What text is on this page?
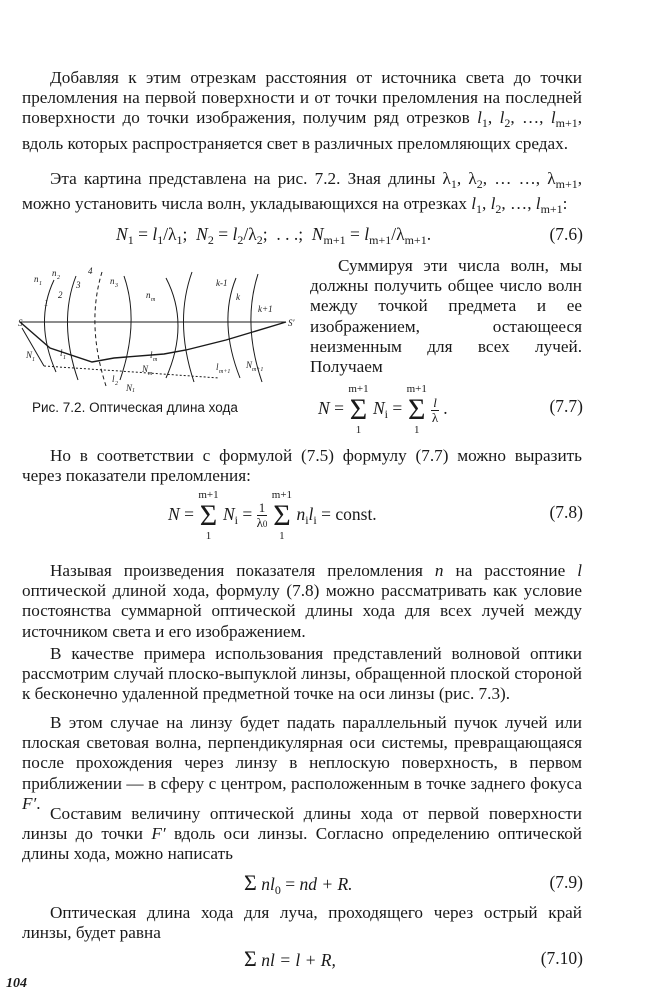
Добавляя к этим отрезкам расстояния от источника света до точки преломления на первой поверхности и от точки преломления на последней поверхности до точки изображения, получим ряд отрезков $l_1$, $l_2$, …, $l_{m+1}$, вдоль которых распространяется свет в различных преломляющих средах.
Эта картина представлена на рис. 7.2. Зная длины $\lambda_1$, $\lambda_2$, … …, $\lambda_{m+1}$, можно установить числа волн, укладывающихся на отрезках $l_1$, $l_2$, …, $l_{m+1}$:
$N_1 = l_1/\lambda_1$;  $N_2 = l_2/\lambda_2$;  . . .;  $N_{m+1} = l_{m+1}/\lambda_{m+1}$.	(7.6)
n 1
S	S′
1
2
3
4
n 2	n 3
n m
k-1
k
k+1
N 1
l 1
l 2 N 1
N m
l m
l m+1
N m+1
Рис. 7.2. Оптическая длина хода
Суммируя эти числа волн, мы должны получить общее число волн между точкой предмета и ее изображением, остающееся неизменным для всех лучей. Получаем
N =
m+1
Σ
1
$N_i$ =
m+1
Σ
1

$\frac{l}{\lambda}$ .	(7.7)
Но в соответствии с формулой (7.5) формулу (7.7) можно выразить через показатели преломления:
N =
m+1
Σ
1
$N_i = \frac{1}{\lambda 0}$

m+1
Σ
1
$n_il_i$ = const.	(7.8)
Называя произведения показателя преломления n на расстояние l оптической длиной хода, формулу (7.8) можно рассматривать как условие постоянства суммарной оптической длины хода для всех лучей между источником света и его изображением.
В качестве примера использования представлений волновой оптики рассмотрим случай плоско-выпуклой линзы, обращенной плоской стороной к бесконечно удаленной предметной точке на оси линзы (рис. 7.3).
В этом случае на линзу будет падать параллельный пучок лучей или плоская световая волна, перпендикулярная оси системы, превращающаяся после прохождения через линзу в неплоскую поверхность, в первом приближении — в сферу с центром, расположенным в точке заднего фокуса F′.
Составим величину оптической длины хода от первой поверхности линзы до точки F′ вдоль оси линзы. Согласно определению оптической длины хода, можно написать
Σ $nl_0$ = nd + R.	(7.9)
Оптическая длина хода для луча, проходящего через острый край линзы, будет равна
Σ nl = l + R,	(7.10)
104
